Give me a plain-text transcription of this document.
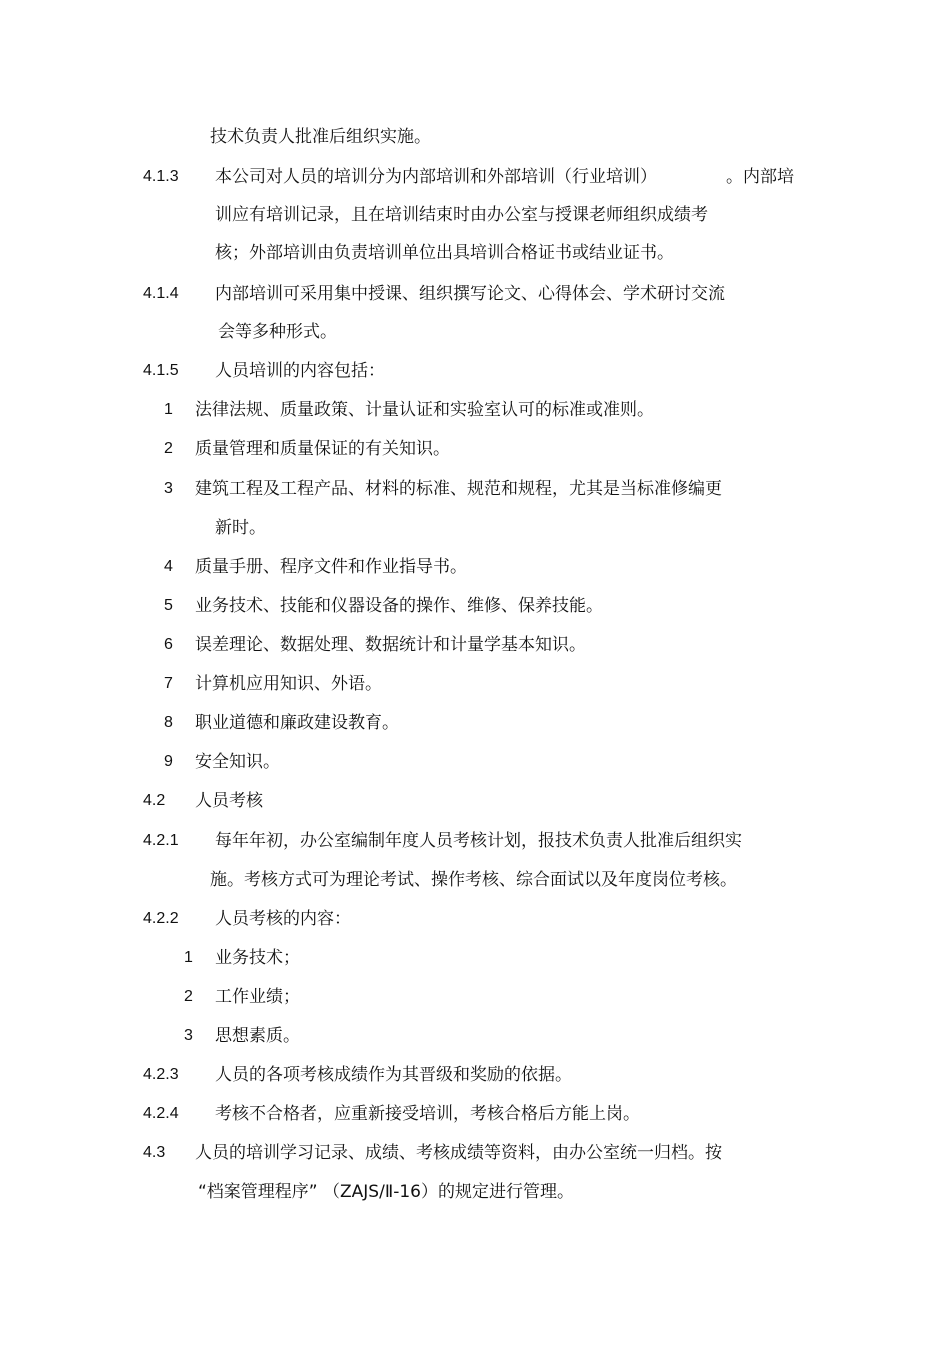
技术负责人批准后组织实施。
4.1.3 本公司对人员的培训分为内部培训和外部培训（行业培训）	。内部培
训应有培训记录，且在培训结束时由办公室与授课老师组织成绩考
核；外部培训由负责培训单位出具培训合格证书或结业证书。
4.1.4 内部培训可采用集中授课、组织撰写论文、心得体会、学术研讨交流
会等多种形式。
4.1.5 人员培训的内容包括：
1 法律法规、质量政策、计量认证和实验室认可的标准或准则。
2 质量管理和质量保证的有关知识。
3 建筑工程及工程产品、材料的标准、规范和规程，尤其是当标准修编更
新时。
4 质量手册、程序文件和作业指导书。
5 业务技术、技能和仪器设备的操作、维修、保养技能。
6 误差理论、数据处理、数据统计和计量学基本知识。
7 计算机应用知识、外语。
8 职业道德和廉政建设教育。
9 安全知识。
4.2 人员考核
4.2.1 每年年初，办公室编制年度人员考核计划，报技术负责人批准后组织实
施。考核方式可为理论考试、操作考核、综合面试以及年度岗位考核。
4.2.2 人员考核的内容：
1 业务技术；
2 工作业绩；
3 思想素质。
4.2.3 人员的各项考核成绩作为其晋级和奖励的依据。
4.2.4 考核不合格者，应重新接受培训，考核合格后方能上岗。
4.3 人员的培训学习记录、成绩、考核成绩等资料，由办公室统一归档。按
“档案管理程序” （ZAJS/Ⅱ-16）的规定进行管理。
